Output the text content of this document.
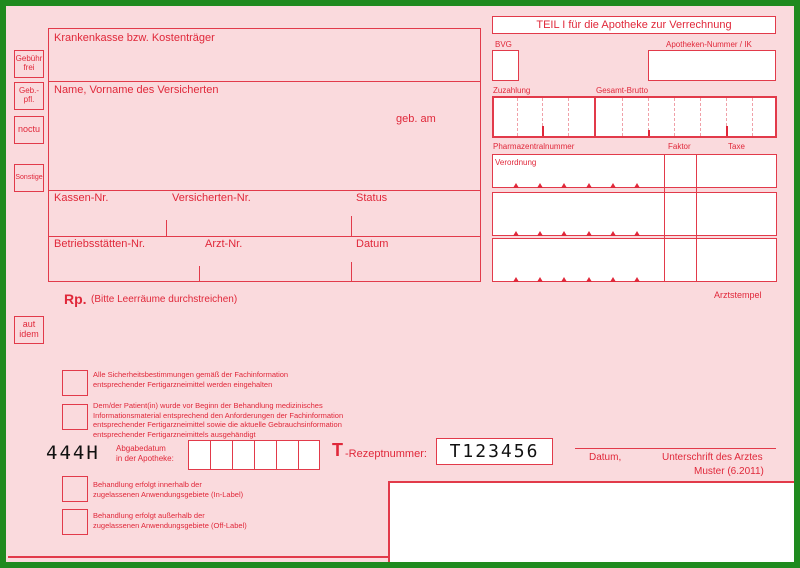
Gebühr frei
Geb.- pfl.
noctu
Sonstige
aut idem
Krankenkasse bzw. Kostenträger
Name, Vorname des Versicherten
geb. am
Kassen-Nr.	Versicherten-Nr.	Status
Betriebsstätten-Nr.	Arzt-Nr.	Datum
TEIL I für die Apotheke zur Verrechnung
BVG	Apotheken-Nummer / IK
Zuzahlung	Gesamt-Brutto
Pharmazentralnummer	Faktor	Taxe
Verordnung
Arztstempel
Rp. (Bitte Leerräume durchstreichen)
Alle Sicherheitsbestimmungen gemäß der Fachinformation
entsprechender Fertigarzneimittel werden eingehalten
Dem/der Patient(in) wurde vor Beginn der Behandlung medizinisches
Informationsmaterial entsprechend den Anforderungen der Fachinformation
entsprechender Fertigarzneimittel sowie die aktuelle Gebrauchsinformation
entsprechender Fertigarzneimittels ausgehändigt
Behandlung erfolgt innerhalb der
zugelassenen Anwendungsgebiete (In-Label)
Behandlung erfolgt außerhalb der
zugelassenen Anwendungsgebiete (Off-Label)
444H Abgabedatum
in der Apotheke:	T -Rezeptnummer: T123456	Datum,	Unterschrift des Arztes
Muster (6.2011)
